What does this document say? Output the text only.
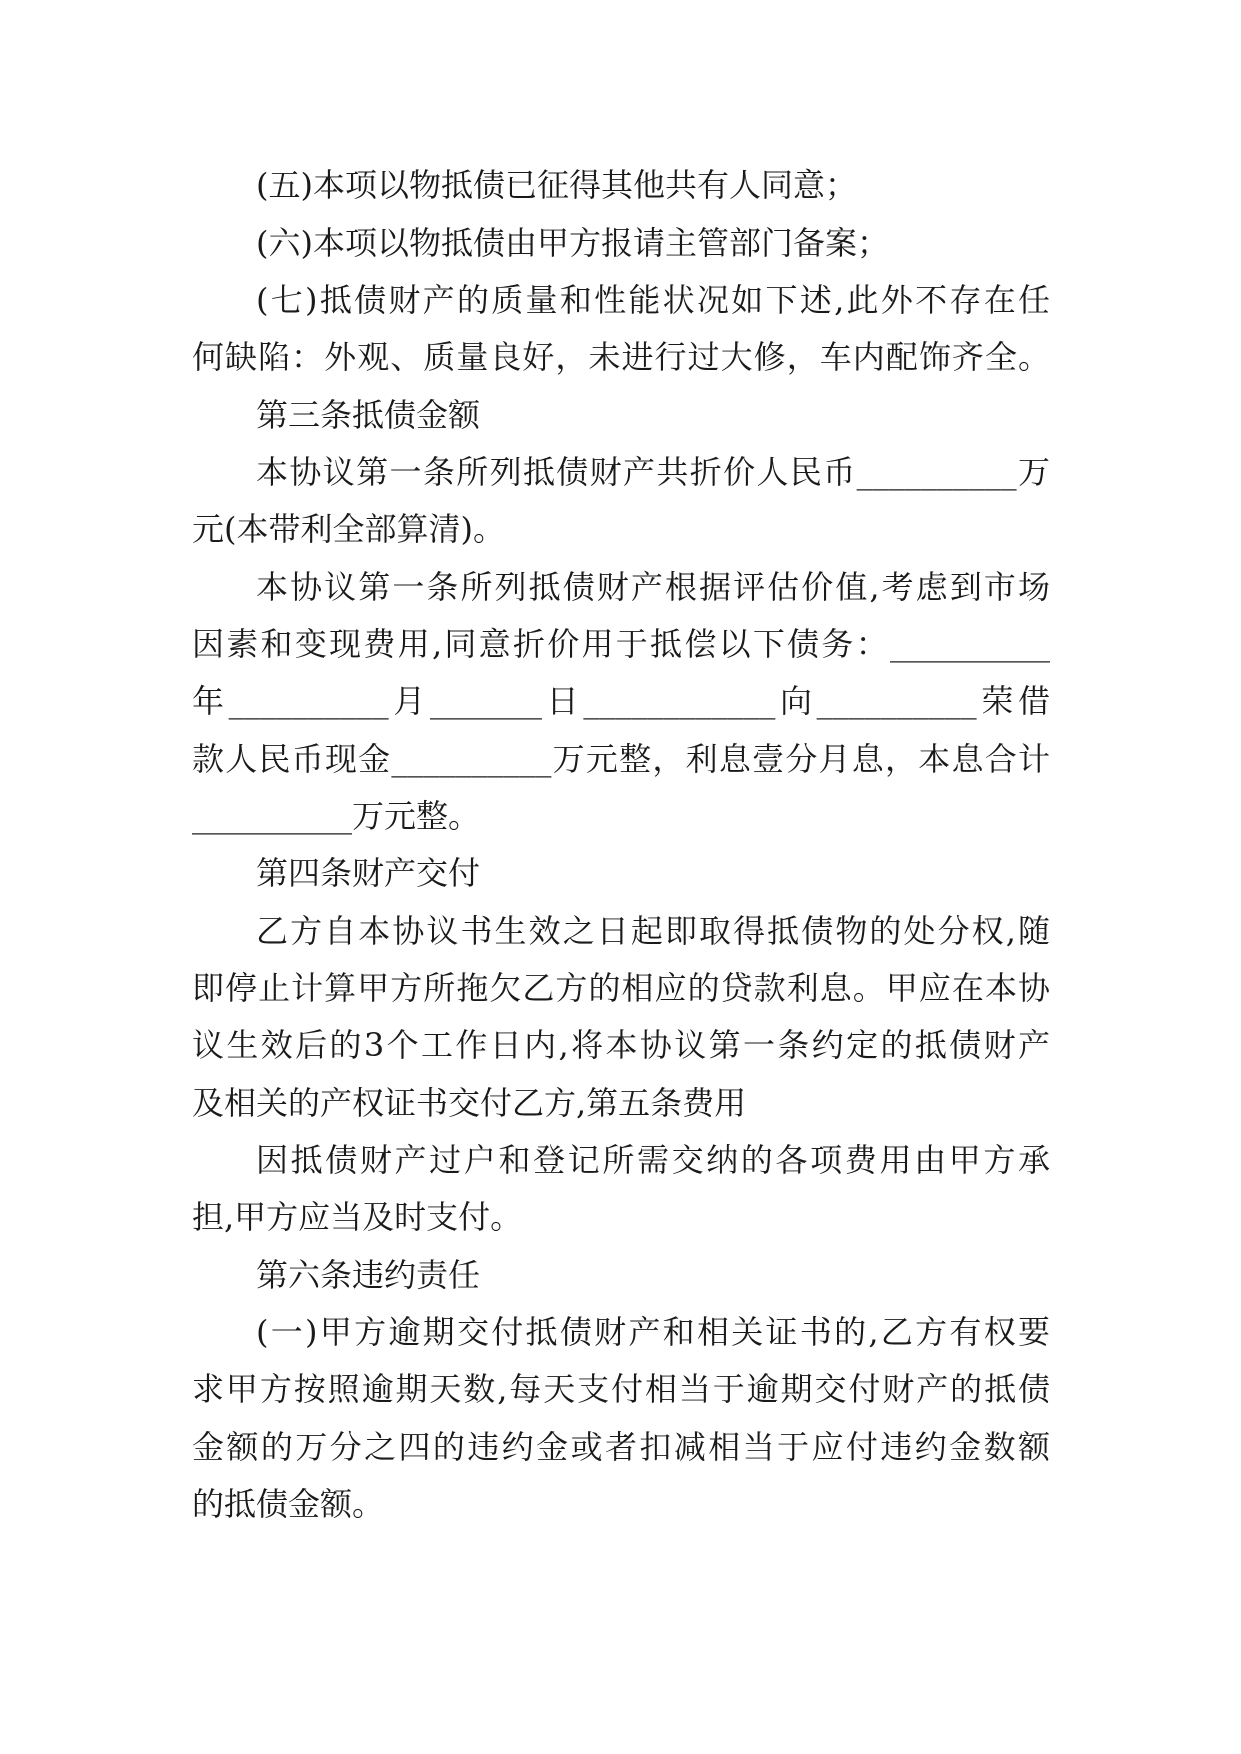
(五)本项以物抵债已征得其他共有人同意；
(六)本项以物抵债由甲方报请主管部门备案；
(七)抵债财产的质量和性能状况如下述,此外不存在任
何缺陷：外观、质量良好，未进行过大修，车内配饰齐全。
第三条抵债金额
本协议第一条所列抵债财产共折价人民币__________万
元(本带利全部算清)。
本协议第一条所列抵债财产根据评估价值,考虑到市场
因素和变现费用,同意折价用于抵偿以下债务：__________
年__________月_______日____________向__________荣借
款人民币现金__________万元整，利息壹分月息，本息合计
__________万元整。
第四条财产交付
乙方自本协议书生效之日起即取得抵债物的处分权,随
即停止计算甲方所拖欠乙方的相应的贷款利息。甲应在本协
议生效后的3个工作日内,将本协议第一条约定的抵债财产
及相关的产权证书交付乙方,第五条费用
因抵债财产过户和登记所需交纳的各项费用由甲方承
担,甲方应当及时支付。
第六条违约责任
(一)甲方逾期交付抵债财产和相关证书的,乙方有权要
求甲方按照逾期天数,每天支付相当于逾期交付财产的抵债
金额的万分之四的违约金或者扣减相当于应付违约金数额
的抵债金额。
